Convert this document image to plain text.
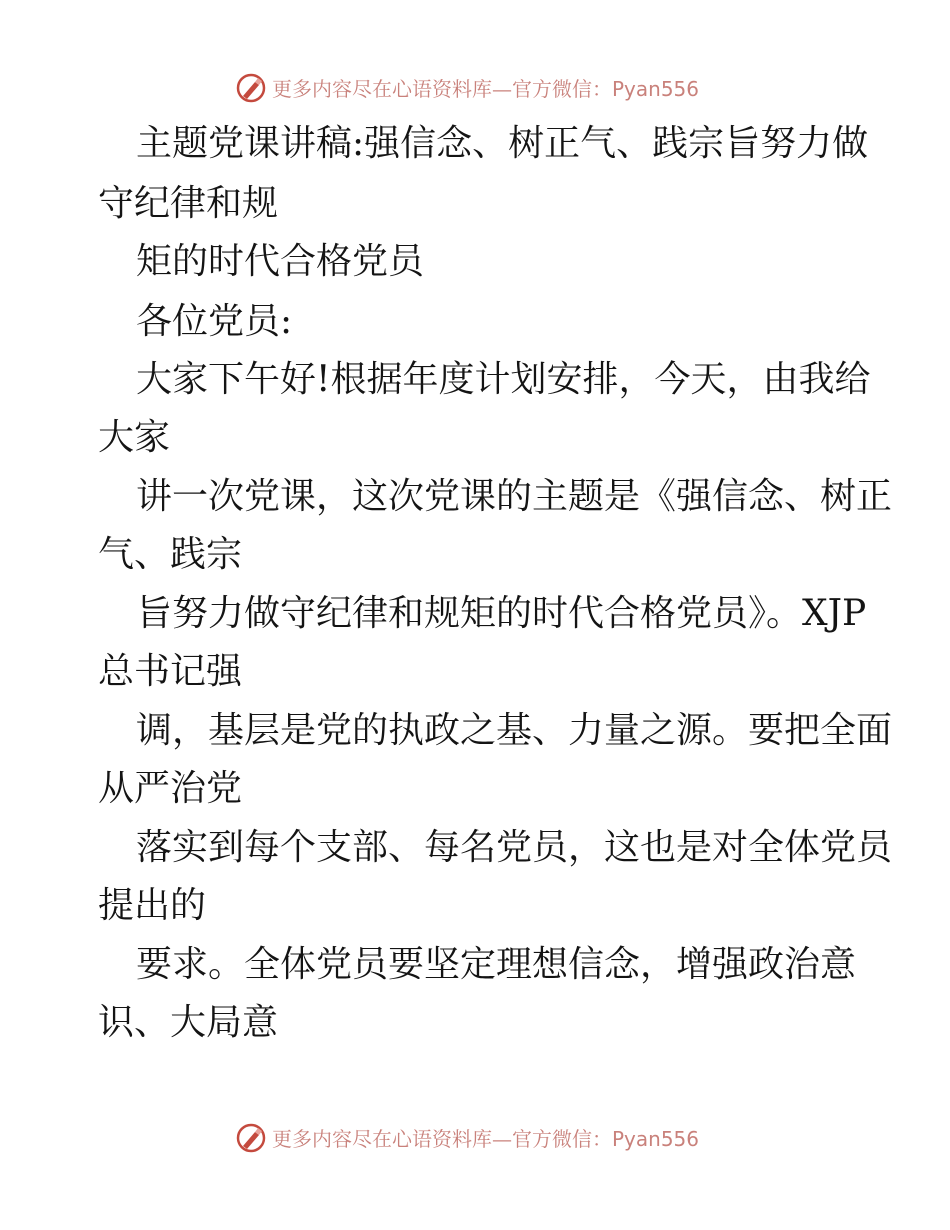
更多内容尽在心语资料库—官方微信：Pyan556
主题党课讲稿:强信念、树正气、践宗旨努力做
守纪律和规
矩的时代合格党员
各位党员:
大家下午好!根据年度计划安排，今天，由我给
大家
讲一次党课，这次党课的主题是《强信念、树正
气、践宗
旨努力做守纪律和规矩的时代合格党员》。XJP
总书记强
调，基层是党的执政之基、力量之源。要把全面
从严治党
落实到每个支部、每名党员，这也是对全体党员
提出的
要求。全体党员要坚定理想信念，增强政治意
识、大局意
更多内容尽在心语资料库—官方微信：Pyan556
